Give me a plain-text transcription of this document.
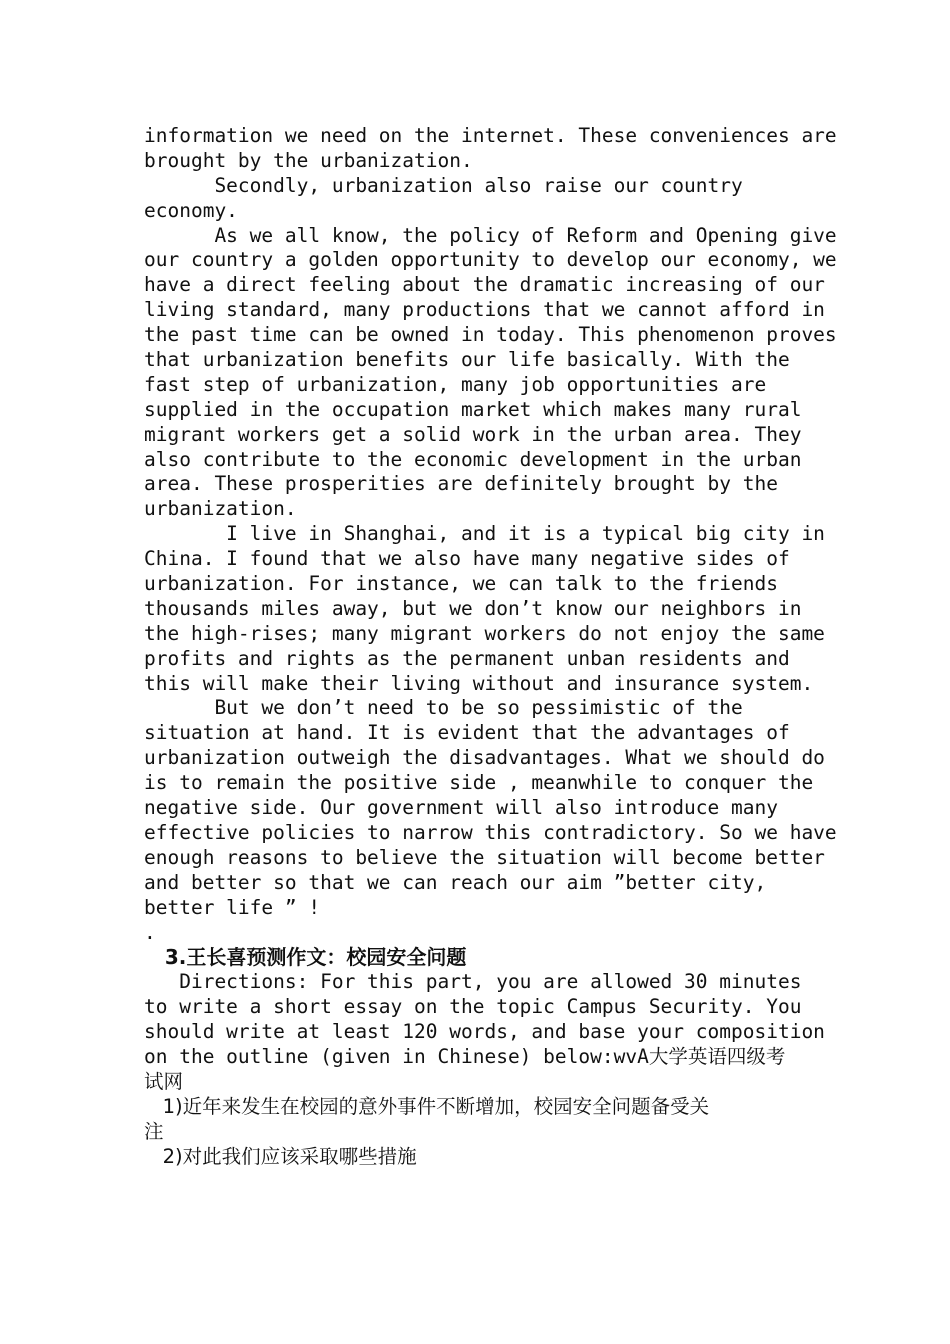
information we need on the internet. These conveniences are
brought by the urbanization.
Secondly, urbanization also raise our country
economy.
As we all know, the policy of Reform and Opening give
our country a golden opportunity to develop our economy, we
have a direct feeling about the dramatic increasing of our
living standard, many productions that we cannot afford in
the past time can be owned in today. This phenomenon proves
that urbanization benefits our life basically. With the
fast step of urbanization, many job opportunities are
supplied in the occupation market which makes many rural
migrant workers get a solid work in the urban area. They
also contribute to the economic development in the urban
area. These prosperities are definitely brought by the
urbanization.
I live in Shanghai, and it is a typical big city in
China. I found that we also have many negative sides of
urbanization. For instance, we can talk to the friends
thousands miles away, but we don’t know our neighbors in
the high-rises; many migrant workers do not enjoy the same
profits and rights as the permanent unban residents and
this will make their living without and insurance system.
But we don’t need to be so pessimistic of the
situation at hand. It is evident that the advantages of
urbanization outweigh the disadvantages. What we should do
is to remain the positive side , meanwhile to conquer the
negative side. Our government will also introduce many
effective policies to narrow this contradictory. So we have
enough reasons to believe the situation will become better
and better so that we can reach our aim ”better city,
better life ” !
.
3.王长喜预测作文：校园安全问题
Directions: For this part, you are allowed 30 minutes
to write a short essay on the topic Campus Security. You
should write at least 120 words, and base your composition
on the outline (given in Chinese) below:wvA大学英语四级考
试网
1)近年来发生在校园的意外事件不断增加，校园安全问题备受关
注
2)对此我们应该采取哪些措施
